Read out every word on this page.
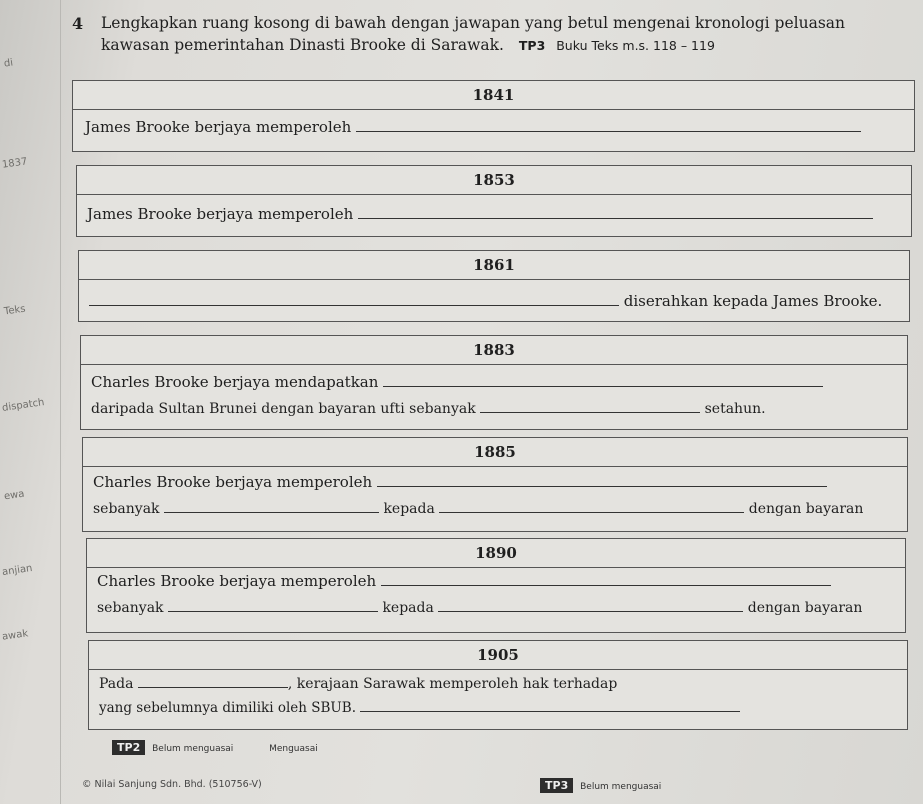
di
1837
Teks
dispatch
ewa
anjian
awak
4 Lengkapkan ruang kosong di bawah dengan jawapan yang betul mengenai kronologi peluasan kawasan pemerintahan Dinasti Brooke di Sarawak. TP3 Buku Teks m.s. 118 – 119
1841
James Brooke berjaya memperoleh
1853
James Brooke berjaya memperoleh
1861
diserahkan kepada James Brooke.
1883
Charles Brooke berjaya mendapatkan
daripada Sultan Brunei dengan bayaran ufti sebanyak	setahun.
1885
Charles Brooke berjaya memperoleh
sebanyak	kepada	dengan bayaran
1890
Charles Brooke berjaya memperoleh
sebanyak	kepada	dengan bayaran
1905
Pada	, kerajaan Sarawak memperoleh hak terhadap
yang sebelumnya dimiliki oleh SBUB.
TP2 Belum menguasai	Menguasai
TP3 Belum menguasai
© Nilai Sanjung Sdn. Bhd. (510756-V)
